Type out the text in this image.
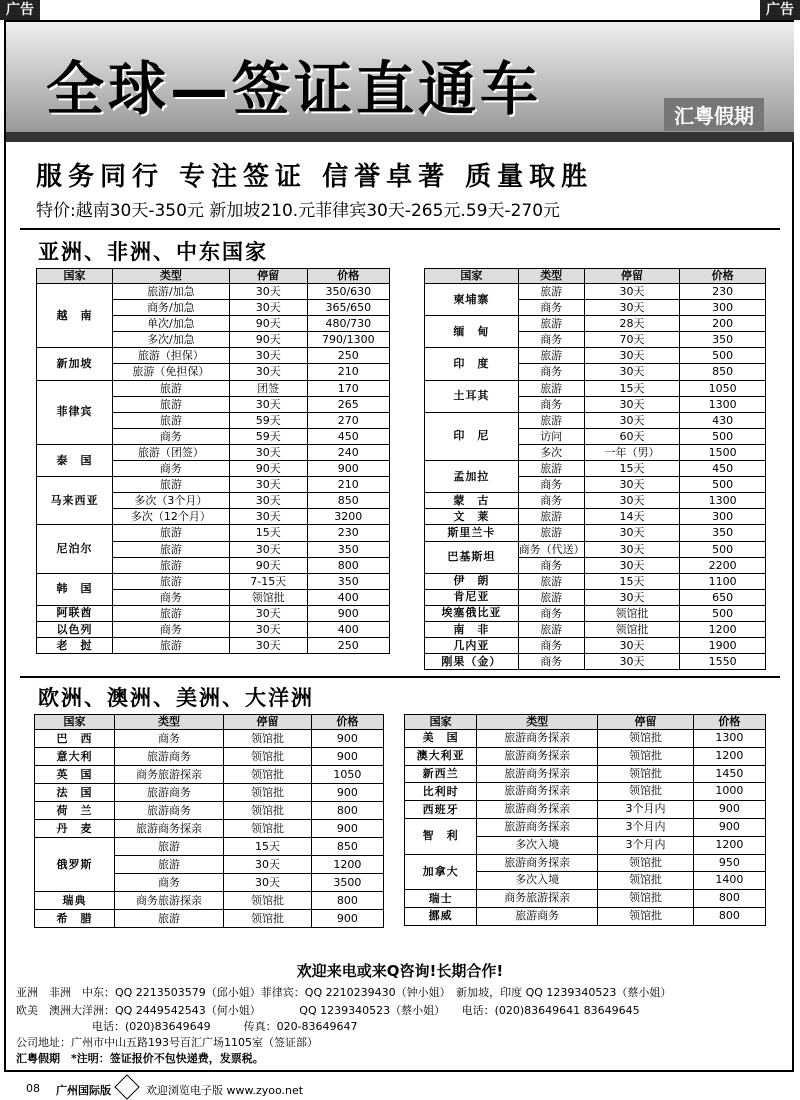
广告	广告
全球—签证直通车	汇粤假期
服务同行 专注签证 信誉卓著 质量取胜
特价:越南30天-350元 新加坡210.元菲律宾30天-265元.59天-270元
亚洲、非洲、中东国家
欧洲、澳洲、美洲、大洋洲
国家	类型	停留	价格
越　南	旅游/加急	30天	350/630
	商务/加急	30天	365/650
	单次/加急	90天	480/730
	多次/加急	90天	790/1300
新加坡	旅游（担保）	30天	250
	旅游（免担保）	30天	210
菲律宾	旅游	团签	170
	旅游	30天	265
	旅游	59天	270
	商务	59天	450
泰　国	旅游（团签）	30天	240
	商务	90天	900
马来西亚	旅游	30天	210
	多次（3个月）	30天	850
	多次（12个月）	30天	3200
尼泊尔	旅游	15天	230
	旅游	30天	350
	旅游	90天	800
韩　国	旅游	7-15天	350
	商务	领馆批	400
阿联酋	旅游	30天	900
以色列	商务	30天	400
老　挝	旅游	30天	250
国家	类型	停留	价格
柬埔寨	旅游	30天	230
	商务	30天	300
缅　甸	旅游	28天	200
	商务	70天	350
印　度	旅游	30天	500
	商务	30天	850
土耳其	旅游	15天	1050
	商务	30天	1300
印　尼	旅游	30天	430
	访问	60天	500
	多次	一年（男）	1500
孟加拉	旅游	15天	450
	商务	30天	500
蒙　古	商务	30天	1300
文　莱	旅游	14天	300
斯里兰卡	旅游	30天	350
巴基斯坦	商务（代送）	30天	500
	商务	30天	2200
伊　朗	旅游	15天	1100
肯尼亚	旅游	30天	650
埃塞俄比亚	商务	领馆批	500
南　非	旅游	领馆批	1200
几内亚	商务	30天	1900
刚果（金）	商务	30天	1550
国家	类型	停留	价格
巴　西	商务	领馆批	900
意大利	旅游商务	领馆批	900
英　国	商务旅游探亲	领馆批	1050
法　国	旅游商务	领馆批	900
荷　兰	旅游商务	领馆批	800
丹　麦	旅游商务探亲	领馆批	900
俄罗斯	旅游	15天	850
	旅游	30天	1200
	商务	30天	3500
瑞典	商务旅游探亲	领馆批	800
希　腊	旅游	领馆批	900
国家	类型	停留	价格
美　国	旅游商务探亲	领馆批	1300
澳大利亚	旅游商务探亲	领馆批	1200
新西兰	旅游商务探亲	领馆批	1450
比利时	旅游商务探亲	领馆批	1000
西班牙	旅游商务探亲	3个月内	900
智　利	旅游商务探亲	3个月内	900
	多次入境	3个月内	1200
加拿大	旅游商务探亲	领馆批	950
	多次入境	领馆批	1400
瑞士	商务旅游探亲	领馆批	800
挪威	旅游商务	领馆批	800
欢迎来电或来Q咨询!长期合作!
亚洲　非洲　中东：QQ 2213503579（邱小姐）菲律宾：QQ 2210239430（钟小姐）　新加坡，印度 QQ 1239340523（蔡小姐）
欧美　澳洲大洋洲：QQ 2449542543（何小姐）　　　　QQ 1239340523（蔡小姐）　　电话：(020)83649641 83649645
电话：(020)83649649　　　传真：020-83649647
公司地址：广州市中山五路193号百汇广场1105室（签证部）
汇粤假期　*注明：签证报价不包快递费，发票税。
08 广州国际版	欢迎浏览电子版 www.zyoo.net
